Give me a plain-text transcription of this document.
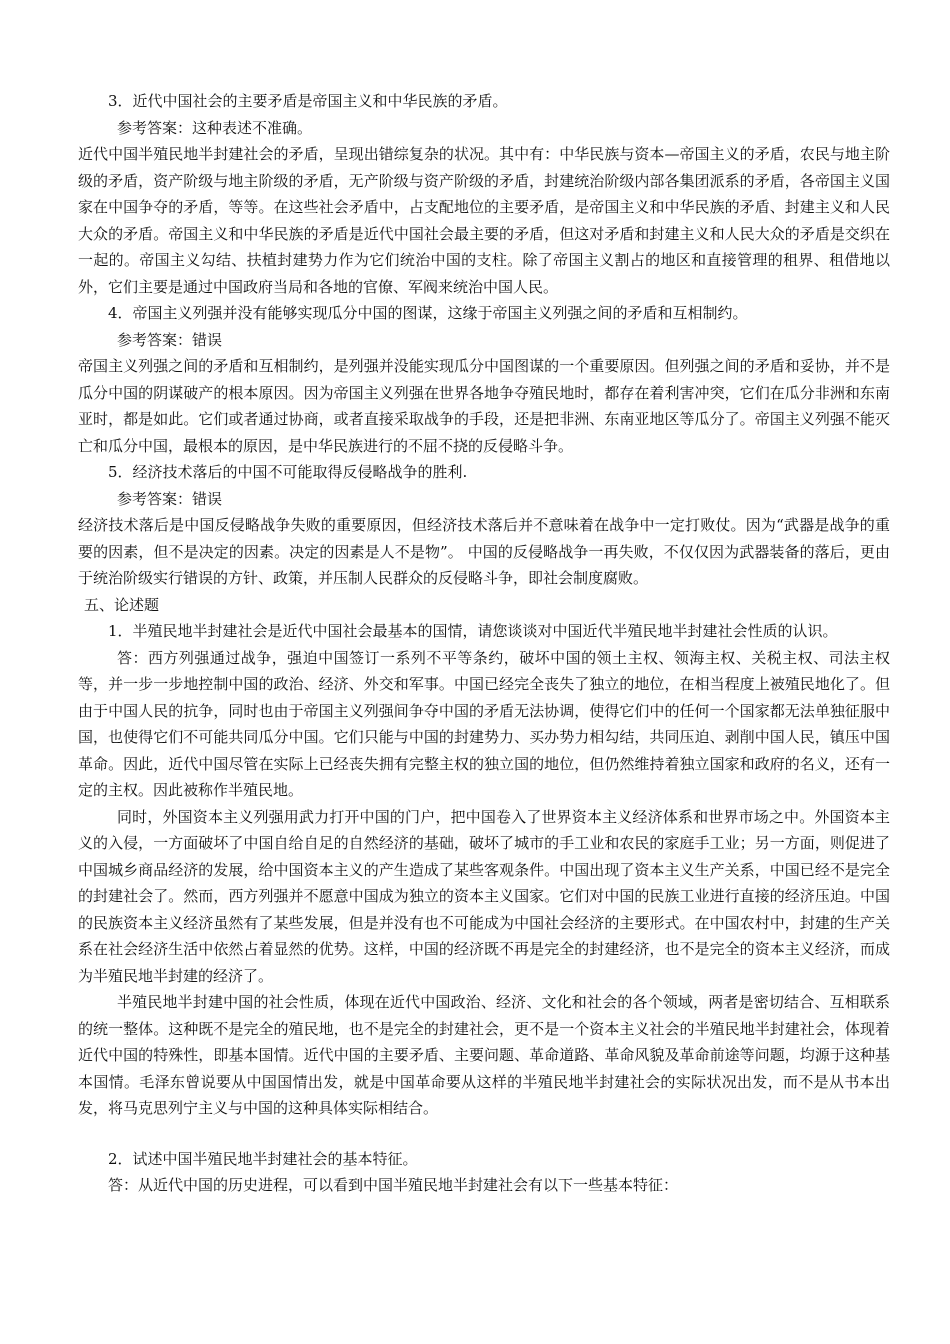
3．近代中国社会的主要矛盾是帝国主义和中华民族的矛盾。

参考答案：这种表述不准确。

近代中国半殖民地半封建社会的矛盾，呈现出错综复杂的状况。其中有：中华民族与资本—帝国主义的矛盾，农民与地主阶级的矛盾，资产阶级与地主阶级的矛盾，无产阶级与资产阶级的矛盾，封建统治阶级内部各集团派系的矛盾，各帝国主义国家在中国争夺的矛盾，等等。在这些社会矛盾中，占支配地位的主要矛盾，是帝国主义和中华民族的矛盾、封建主义和人民大众的矛盾。帝国主义和中华民族的矛盾是近代中国社会最主要的矛盾，但这对矛盾和封建主义和人民大众的矛盾是交织在一起的。帝国主义勾结、扶植封建势力作为它们统治中国的支柱。除了帝国主义割占的地区和直接管理的租界、租借地以外，它们主要是通过中国政府当局和各地的官僚、军阀来统治中国人民。

4．帝国主义列强并没有能够实现瓜分中国的图谋，这缘于帝国主义列强之间的矛盾和互相制约。

参考答案：错误

帝国主义列强之间的矛盾和互相制约，是列强并没能实现瓜分中国图谋的一个重要原因。但列强之间的矛盾和妥协，并不是瓜分中国的阴谋破产的根本原因。因为帝国主义列强在世界各地争夺殖民地时，都存在着利害冲突，它们在瓜分非洲和东南亚时，都是如此。它们或者通过协商，或者直接采取战争的手段，还是把非洲、东南亚地区等瓜分了。帝国主义列强不能灭亡和瓜分中国，最根本的原因，是中华民族进行的不屈不挠的反侵略斗争。

5．经济技术落后的中国不可能取得反侵略战争的胜利.

参考答案：错误

经济技术落后是中国反侵略战争失败的重要原因，但经济技术落后并不意味着在战争中一定打败仗。因为“武器是战争的重要的因素，但不是决定的因素。决定的因素是人不是物”。 中国的反侵略战争一再失败，不仅仅因为武器装备的落后，更由于统治阶级实行错误的方针、政策，并压制人民群众的反侵略斗争，即社会制度腐败。

五、论述题

1．半殖民地半封建社会是近代中国社会最基本的国情，请您谈谈对中国近代半殖民地半封建社会性质的认识。

答：西方列强通过战争，强迫中国签订一系列不平等条约，破坏中国的领土主权、领海主权、关税主权、司法主权等，并一步一步地控制中国的政治、经济、外交和军事。中国已经完全丧失了独立的地位，在相当程度上被殖民地化了。但由于中国人民的抗争，同时也由于帝国主义列强间争夺中国的矛盾无法协调，使得它们中的任何一个国家都无法单独征服中国，也使得它们不可能共同瓜分中国。它们只能与中国的封建势力、买办势力相勾结，共同压迫、剥削中国人民，镇压中国革命。因此，近代中国尽管在实际上已经丧失拥有完整主权的独立国的地位，但仍然维持着独立国家和政府的名义，还有一定的主权。因此被称作半殖民地。

同时，外国资本主义列强用武力打开中国的门户，把中国卷入了世界资本主义经济体系和世界市场之中。外国资本主义的入侵，一方面破坏了中国自给自足的自然经济的基础，破坏了城市的手工业和农民的家庭手工业；另一方面，则促进了中国城乡商品经济的发展，给中国资本主义的产生造成了某些客观条件。中国出现了资本主义生产关系，中国已经不是完全的封建社会了。然而，西方列强并不愿意中国成为独立的资本主义国家。它们对中国的民族工业进行直接的经济压迫。中国的民族资本主义经济虽然有了某些发展，但是并没有也不可能成为中国社会经济的主要形式。在中国农村中，封建的生产关系在社会经济生活中依然占着显然的优势。这样，中国的经济既不再是完全的封建经济，也不是完全的资本主义经济，而成为半殖民地半封建的经济了。

半殖民地半封建中国的社会性质，体现在近代中国政治、经济、文化和社会的各个领域，两者是密切结合、互相联系的统一整体。这种既不是完全的殖民地，也不是完全的封建社会，更不是一个资本主义社会的半殖民地半封建社会，体现着近代中国的特殊性，即基本国情。近代中国的主要矛盾、主要问题、革命道路、革命风貌及革命前途等问题，均源于这种基本国情。毛泽东曾说要从中国国情出发，就是中国革命要从这样的半殖民地半封建社会的实际状况出发，而不是从书本出发，将马克思列宁主义与中国的这种具体实际相结合。

2．试述中国半殖民地半封建社会的基本特征。

答：从近代中国的历史进程，可以看到中国半殖民地半封建社会有以下一些基本特征：
